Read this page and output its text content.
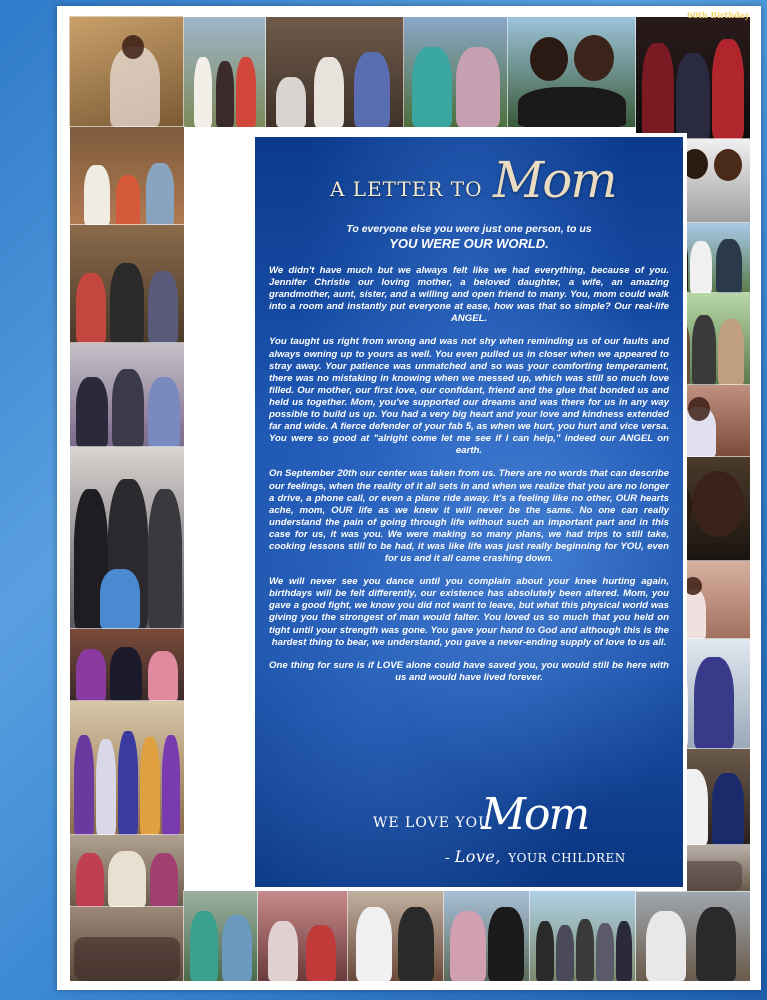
60th Birthday
A LETTER TO Mom
To everyone else you were just one person, to us
YOU WERE OUR WORLD.

We didn't have much but we always felt like we had everything, because of you. Jennifer Christie our loving mother, a beloved daughter, a wife, an amazing grandmother, aunt, sister, and a willing and open friend to many. You, mom could walk into a room and instantly put everyone at ease, how was that so simple? Our real-life ANGEL.

You taught us right from wrong and was not shy when reminding us of our faults and always owning up to yours as well. You even pulled us in closer when we appeared to stray away. Your patience was unmatched and so was your comforting temperament, there was no mistaking in knowing when we messed up, which was still so much love filled. Our mother, our first love, our confidant, friend and the glue that bonded us and held us together. Mom, you've supported our dreams and was there for us in any way possible to build us up. You had a very big heart and your love and kindness extended far and wide. A fierce defender of your fab 5, as when we hurt, you hurt and vice versa. You were so good at "alright come let me see if I can help," indeed our ANGEL on earth.

On September 20th our center was taken from us. There are no words that can describe our feelings, when the reality of it all sets in and when we realize that you are no longer a drive, a phone call, or even a plane ride away. It's a feeling like no other, OUR hearts ache, mom, OUR life as we knew it will never be the same. No one can really understand the pain of going through life without such an important part and in this case for us, it was you. We were making so many plans, we had trips to still take, cooking lessons still to be had, it was like life was just really beginning for YOU, even for us and it all came crashing down.

We will never see you dance until you complain about your knee hurting again, birthdays will be felt differently, our existence has absolutely been altered. Mom, you gave a good fight, we know you did not want to leave, but what this physical world was giving you the strongest of man would falter. You loved us so much that you held on tight until your strength was gone. You gave your hand to God and although this is the hardest thing to bear, we understand, you gave a never-ending supply of love to us all.

One thing for sure is if LOVE alone could have saved you, you would still be here with us and would have lived forever.

WE LOVE YOU
Mom
- Love, YOUR CHILDREN
